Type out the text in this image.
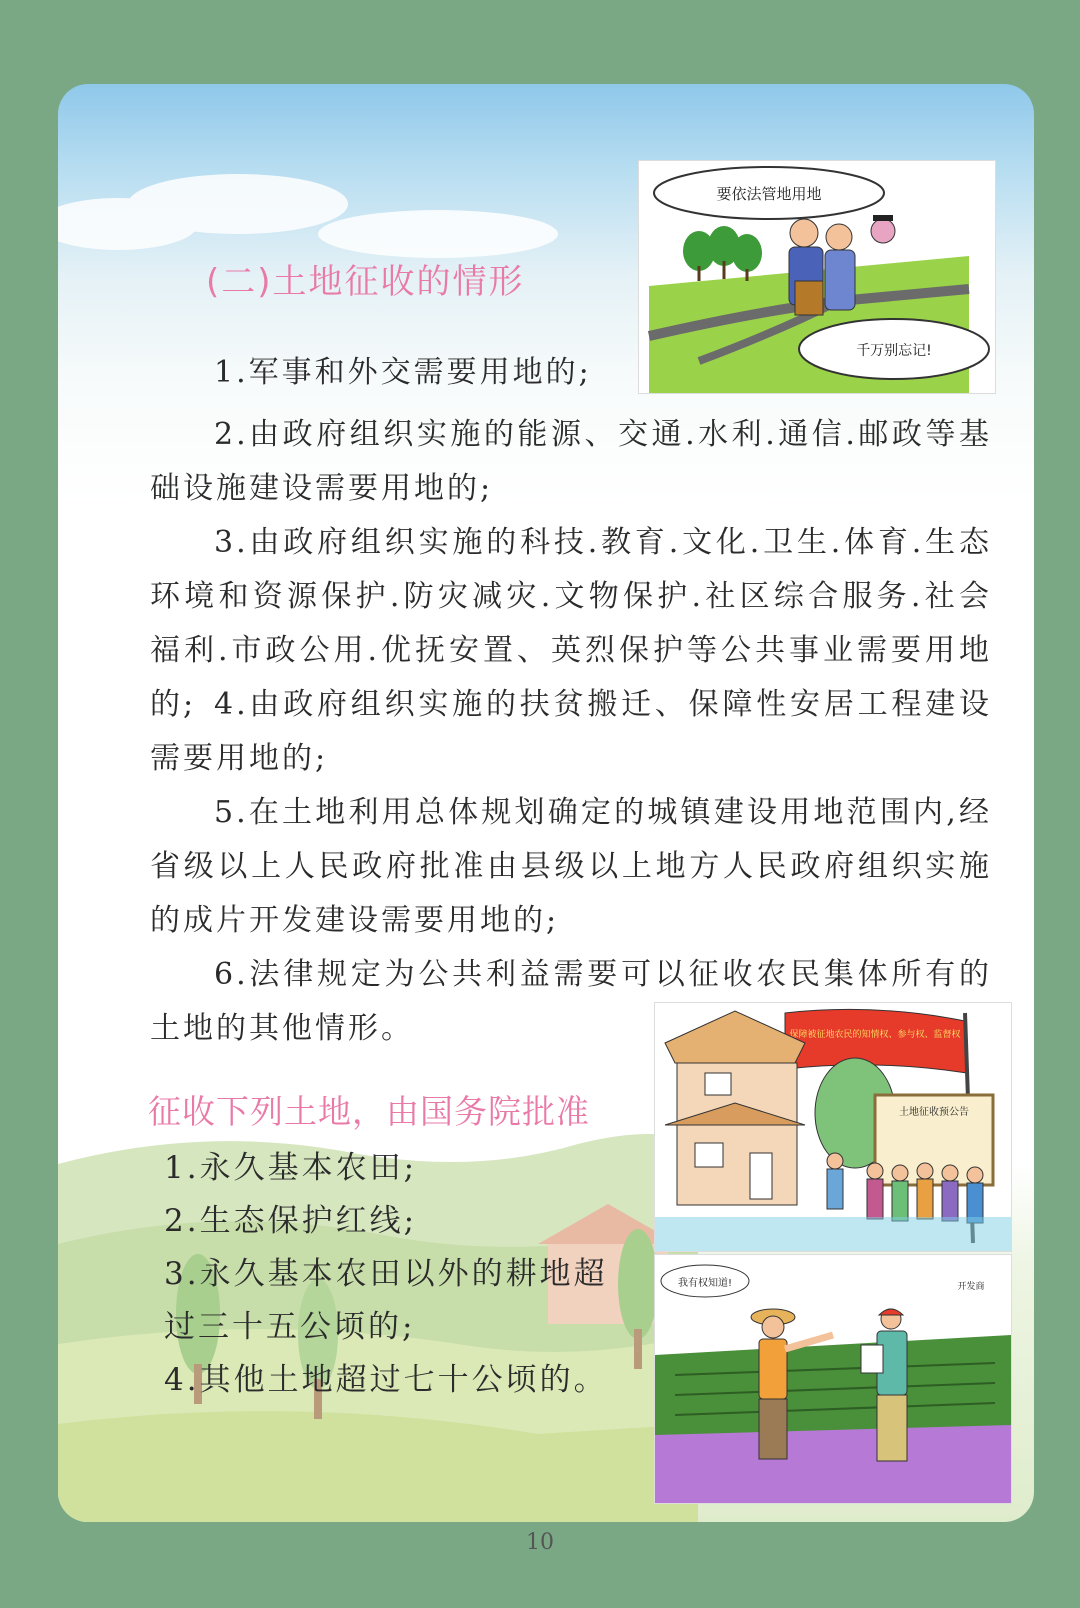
(二)土地征收的情形

1.军事和外交需要用地的;

2.由政府组织实施的能源、交通.水利.通信.邮政等基础设施建设需要用地的;

3.由政府组织实施的科技.教育.文化.卫生.体育.生态环境和资源保护.防灾减灾.文物保护.社区综合服务.社会福利.市政公用.优抚安置、英烈保护等公共事业需要用地的; 4.由政府组织实施的扶贫搬迁、保障性安居工程建设需要用地的;

5.在土地利用总体规划确定的城镇建设用地范围内,经省级以上人民政府批准由县级以上地方人民政府组织实施的成片开发建设需要用地的;

6.法律规定为公共利益需要可以征收农民集体所有的土地的其他情形。

征收下列土地，由国务院批准
1.永久基本农田;
2.生态保护红线;
3.永久基本农田以外的耕地超过三十五公顷的;
4.其他土地超过七十公顷的。
要依法管地用地
千万别忘记!
保障被征地农民的知情权、参与权、监督权
土地征收预公告
我有权知道!	开发商
10
